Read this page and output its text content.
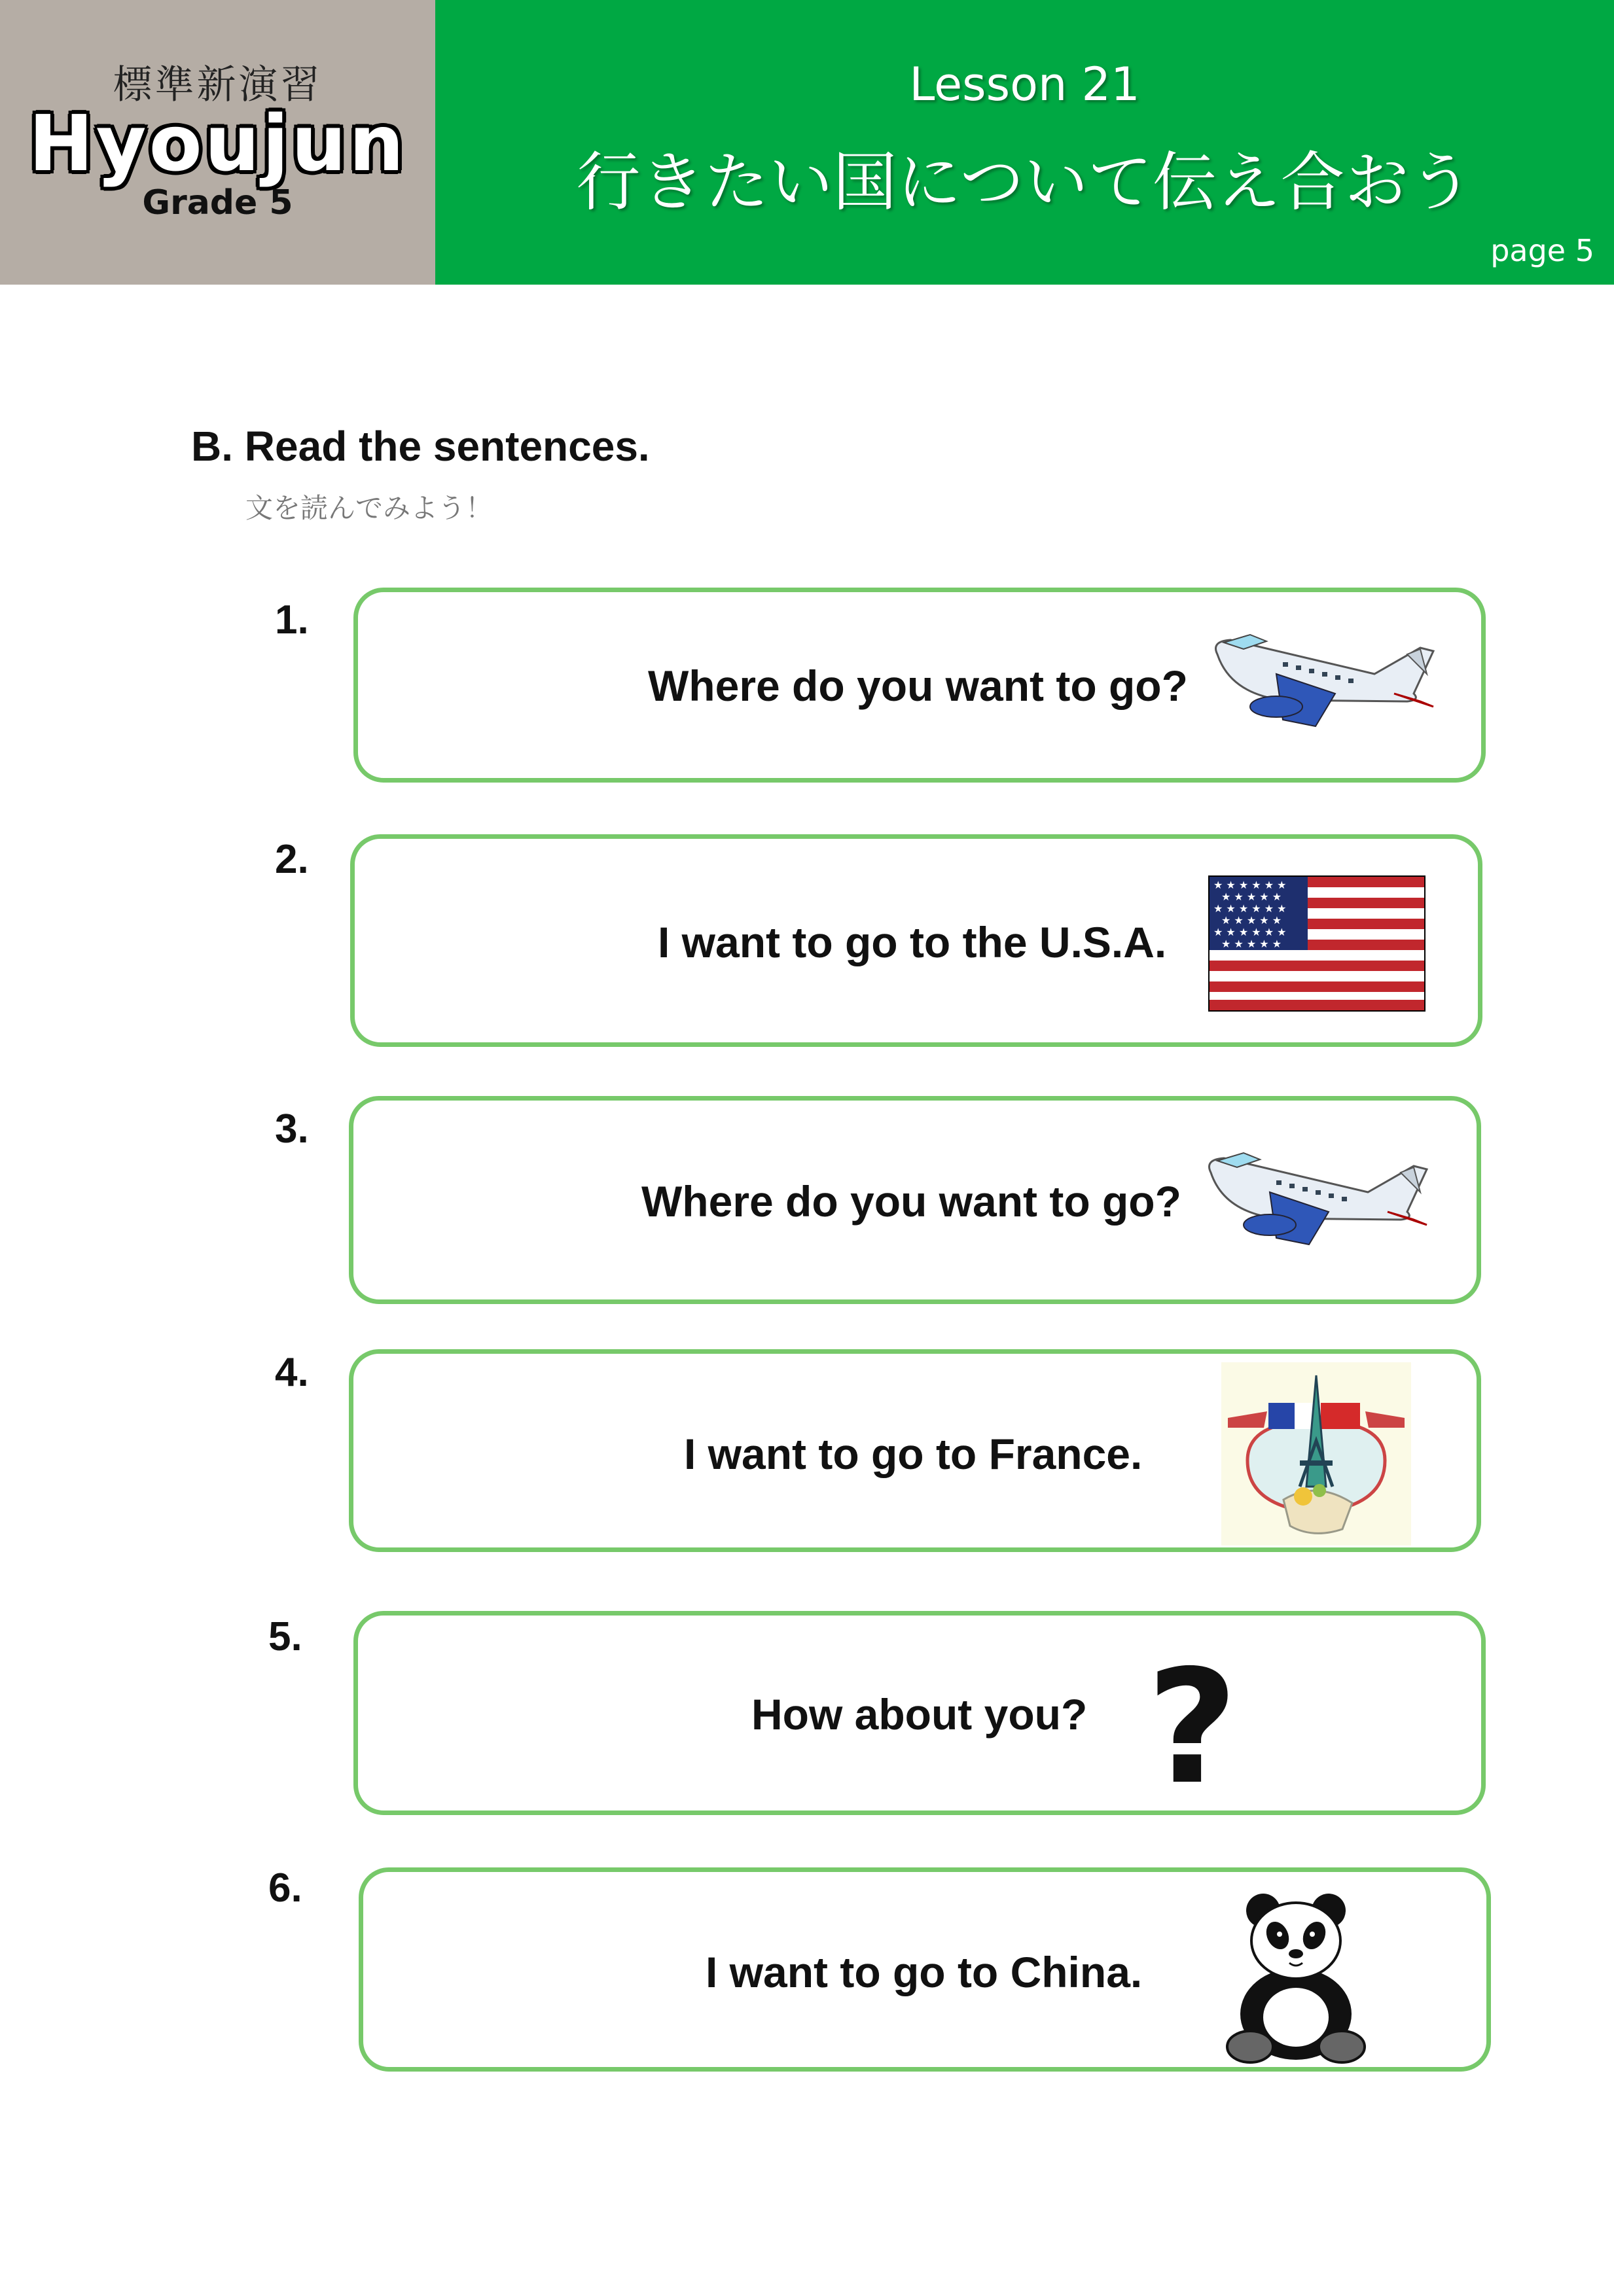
標準新演習
Hyoujun
Grade 5
Lesson 21
行きたい国について伝え合おう
page 5
B. Read the sentences.
文を読んでみよう！
1.
Where do you want to go?
2.
I want to go to the U.S.A.
★ ★ ★ ★ ★ ★
★ ★ ★ ★ ★
★ ★ ★ ★ ★ ★
★ ★ ★ ★ ★
★ ★ ★ ★ ★ ★
★ ★ ★ ★ ★
3.
Where do you want to go?
4.
I want to go to France.
5.
How about you? ?
6.
I want to go to China.
